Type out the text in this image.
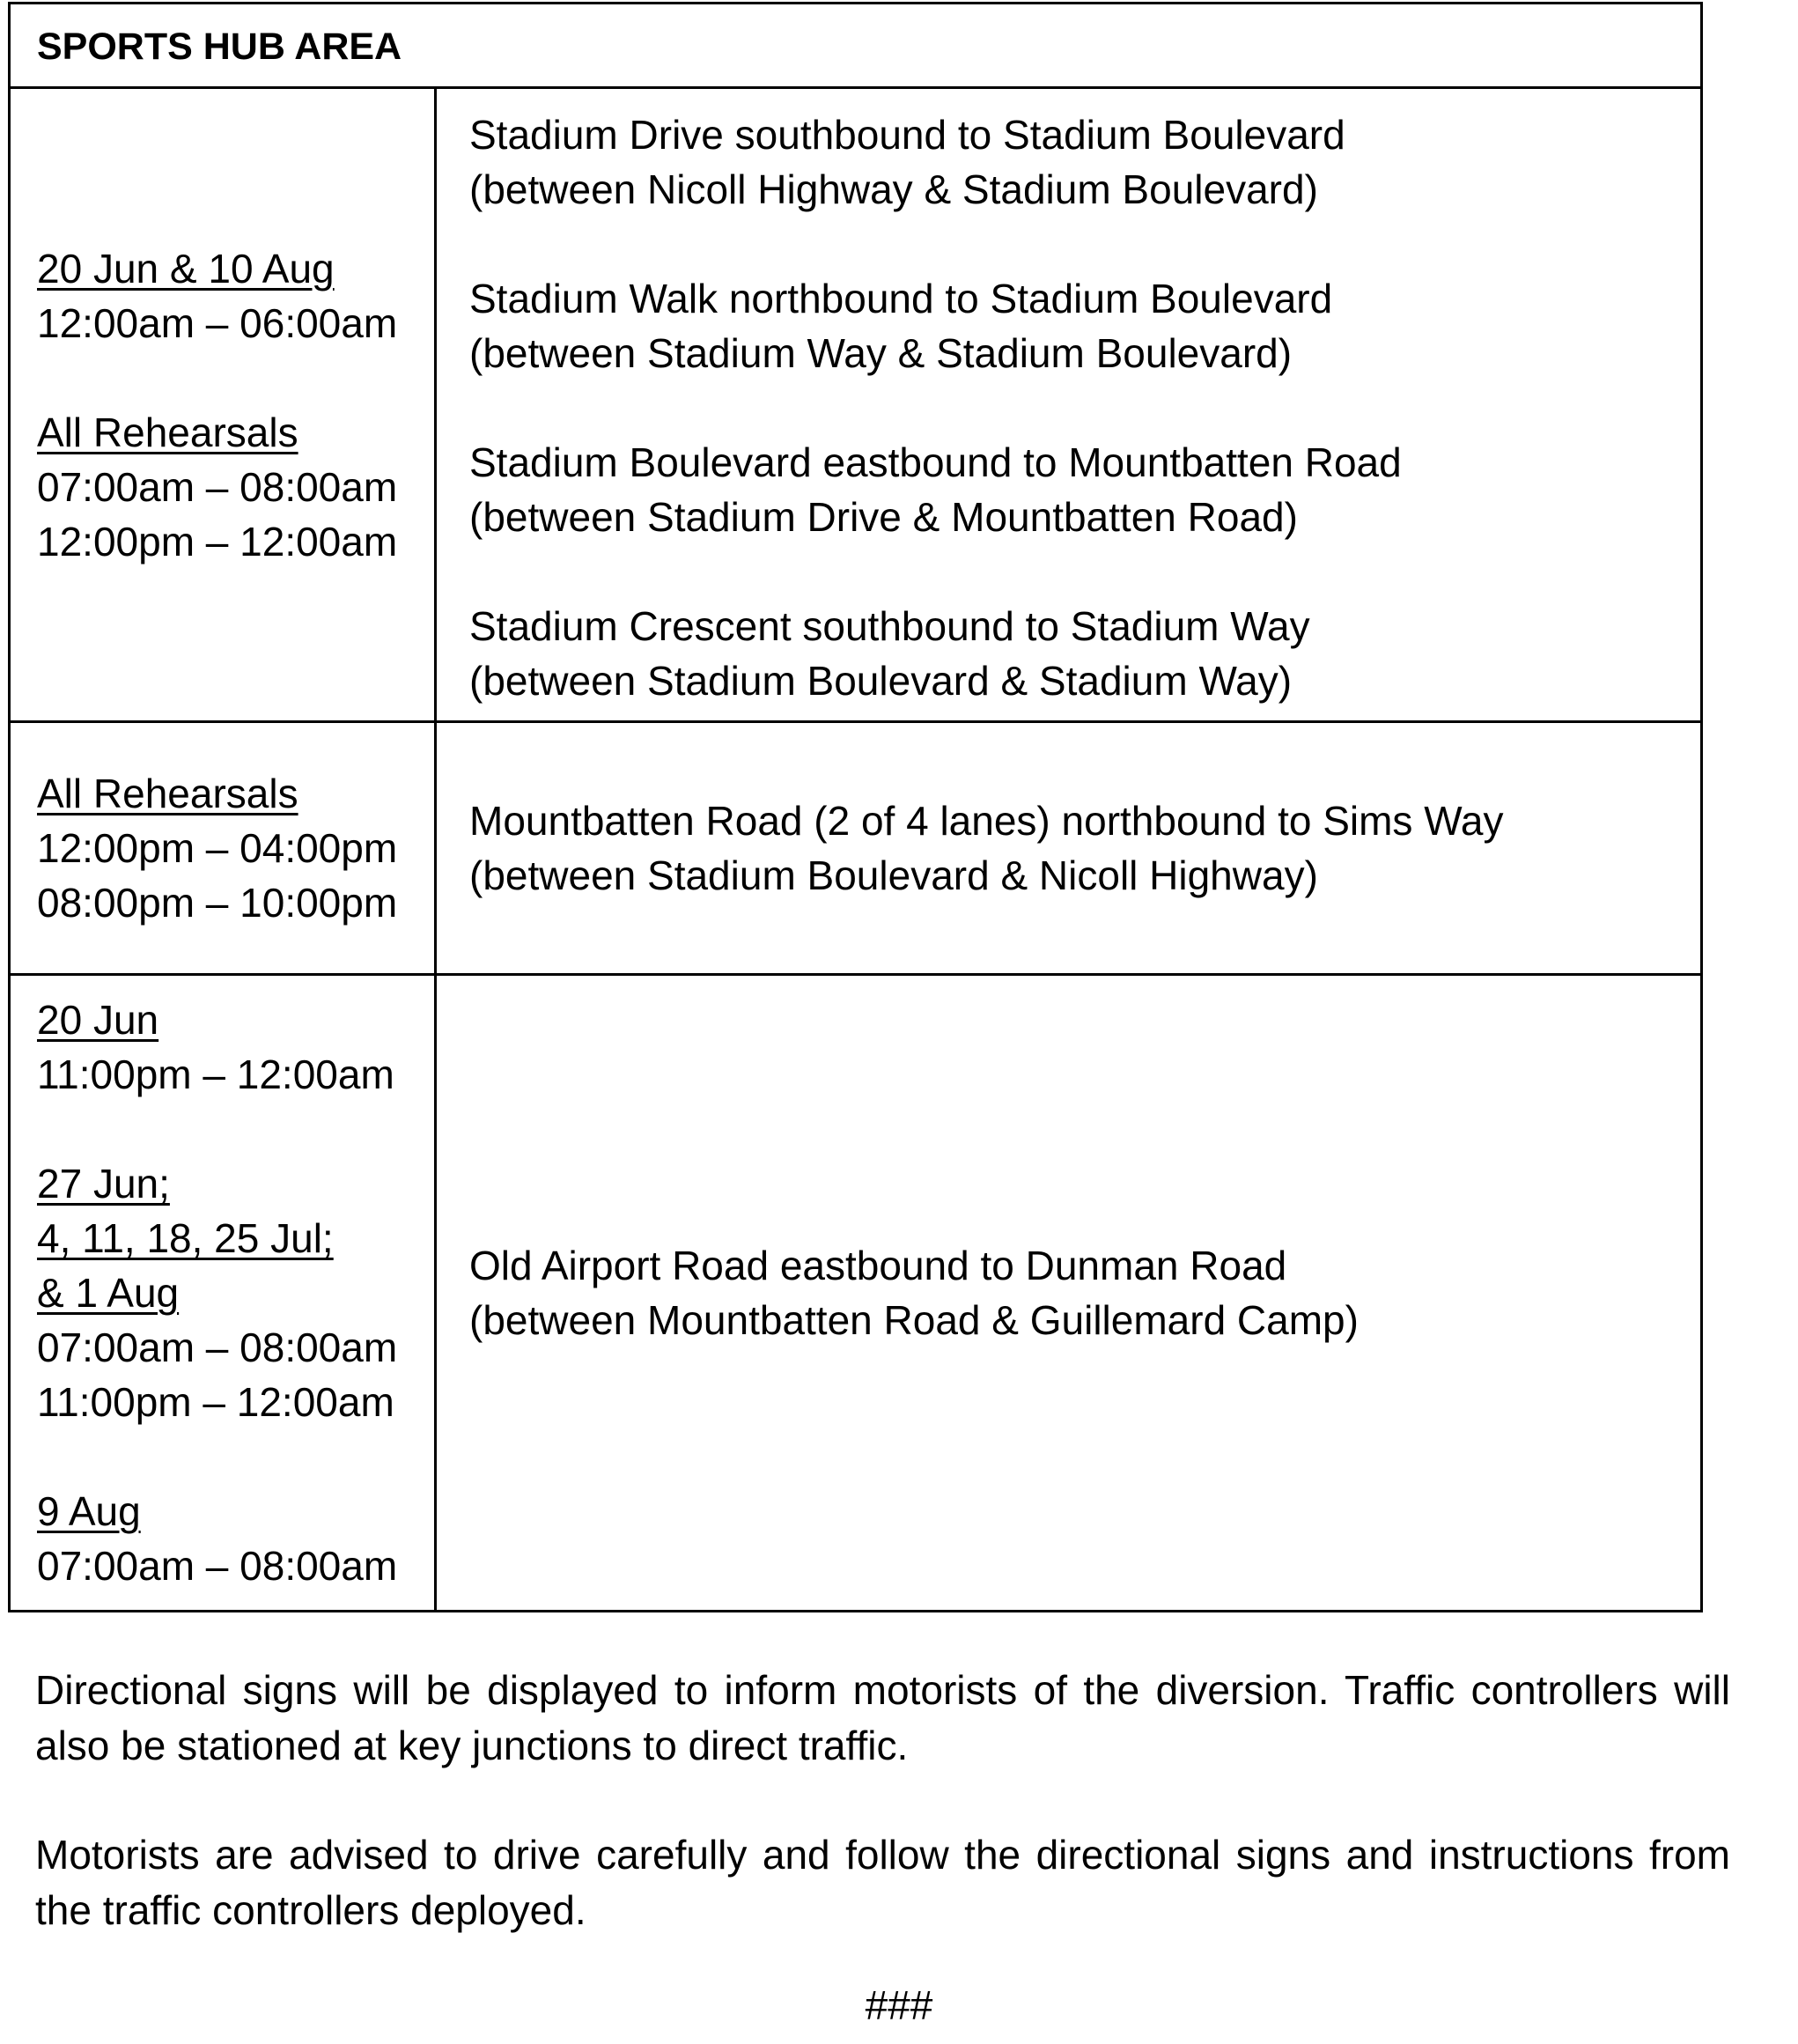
SPORTS HUB AREA
20 Jun & 10 Aug
12:00am – 06:00am
All Rehearsals
07:00am – 08:00am
12:00pm – 12:00am
Stadium Drive southbound to Stadium Boulevard
(between Nicoll Highway & Stadium Boulevard)
Stadium Walk northbound to Stadium Boulevard
(between Stadium Way & Stadium Boulevard)
Stadium Boulevard eastbound to Mountbatten Road
(between Stadium Drive & Mountbatten Road)
Stadium Crescent southbound to Stadium Way
(between Stadium Boulevard & Stadium Way)
All Rehearsals
12:00pm – 04:00pm
08:00pm – 10:00pm
Mountbatten Road (2 of 4 lanes) northbound to Sims Way
(between Stadium Boulevard & Nicoll Highway)
20 Jun
11:00pm – 12:00am
27 Jun;
4, 11, 18, 25 Jul;
& 1 Aug
07:00am – 08:00am
11:00pm – 12:00am
9 Aug
07:00am – 08:00am
Old Airport Road eastbound to Dunman Road
(between Mountbatten Road & Guillemard Camp)

Directional signs will be displayed to inform motorists of the diversion. Traffic controllers will also be stationed at key junctions to direct traffic.

Motorists are advised to drive carefully and follow the directional signs and instructions from the traffic controllers deployed.

###
